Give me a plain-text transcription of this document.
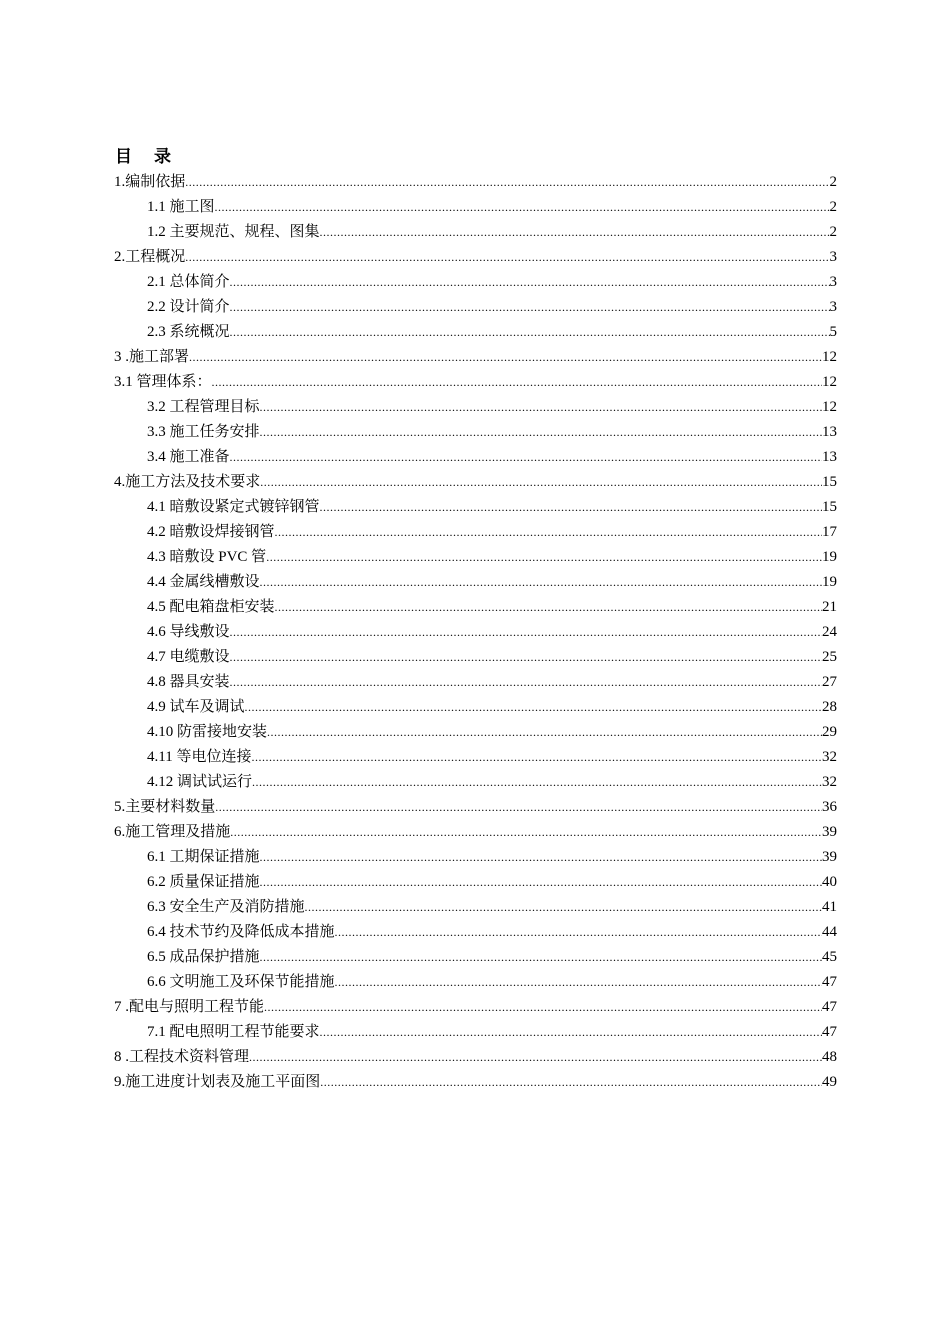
目录
1.编制依据 .....	2
1.1 施工图 .....	2
1.2 主要规范、规程、图集 .....	2
2.工程概况 .....	3
2.1 总体简介 .....	3
2.2 设计简介 .....	3
2.3 系统概况 .....	5
3 .施工部署 .....	12
3.1 管理体系： .....	12
3.2 工程管理目标 .....	12
3.3 施工任务安排 .....	13
3.4 施工准备 .....	13
4.施工方法及技术要求 .....	15
4.1 暗敷设紧定式镀锌钢管 .....	15
4.2 暗敷设焊接钢管 .....	17
4.3 暗敷设 PVC 管 .....	19
4.4 金属线槽敷设 .....	19
4.5 配电箱盘柜安装 .....	21
4.6 导线敷设 .....	24
4.7 电缆敷设 .....	25
4.8 器具安装 .....	27
4.9 试车及调试 .....	28
4.10 防雷接地安装 .....	29
4.11 等电位连接 .....	32
4.12 调试试运行 .....	32
5.主要材料数量 .....	36
6.施工管理及措施 .....	39
6.1 工期保证措施 .....	39
6.2 质量保证措施 .....	40
6.3 安全生产及消防措施 .....	41
6.4 技术节约及降低成本措施 .....	44
6.5 成品保护措施 .....	45
6.6 文明施工及环保节能措施 .....	47
7 .配电与照明工程节能 .....	47
7.1 配电照明工程节能要求 .....	47
8 .工程技术资料管理 .....	48
9.施工进度计划表及施工平面图 .....	49
